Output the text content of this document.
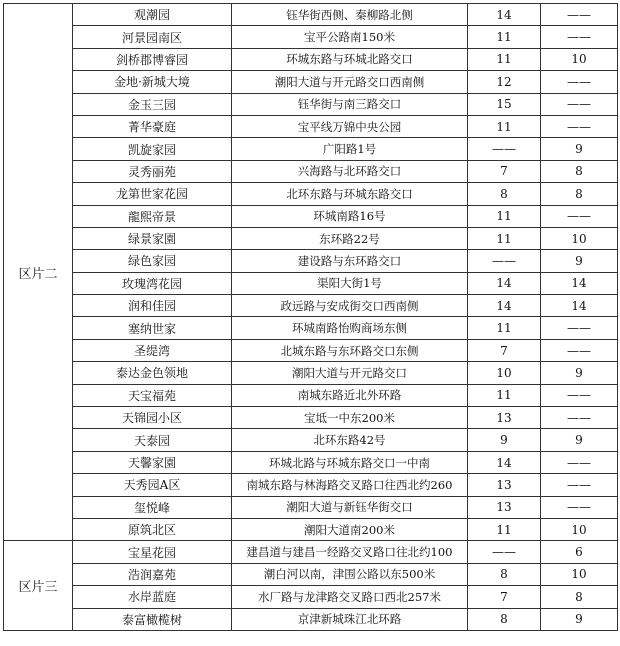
区片二	观潮园	钰华街西侧、秦柳路北侧	14	——
	河景园南区	宝平公路南150米	11	——
	剑桥郡博睿园	环城东路与环城北路交口	11	10
	金地·新城大境	潮阳大道与开元路交口西南侧	12	——
	金玉三园	钰华街与南三路交口	15	——
	菁华豪庭	宝平线万锦中央公园	11	——
	凯旋家园	广阳路1号	——	9
	灵秀丽苑	兴海路与北环路交口	7	8
	龙第世家花园	北环东路与环城东路交口	8	8
	龍熙帝景	环城南路16号	11	——
	绿景家園	东环路22号	11	10
	绿色家园	建设路与东环路交口	——	9
	玫瑰湾花园	渠阳大街1号	14	14
	润和佳园	政远路与安成街交口西南侧	14	14
	塞纳世家	环城南路怡购商场东侧	11	——
	圣缇湾	北城东路与东环路交口东侧	7	——
	泰达金色领地	潮阳大道与开元路交口	10	9
	天宝福苑	南城东路近北外环路	11	——
	天锦园小区	宝坻一中东200米	13	——
	天泰园	北环东路42号	9	9
	天馨家園	环城北路与环城东路交口一中南	14	——
	天秀园A区	南城东路与林海路交叉路口往西北约260	13	——
	玺悦峰	潮阳大道与新钰华街交口	13	——
	原筑北区	潮阳大道南200米	11	10
区片三	宝星花园	建昌道与建昌一经路交叉路口往北约100	——	6
	浩润嘉苑	潮白河以南，津围公路以东500米	8	10
	水岸蓝庭	水厂路与龙津路交叉路口西北257米	7	8
	泰富橄榄树	京津新城珠江北环路	8	9
